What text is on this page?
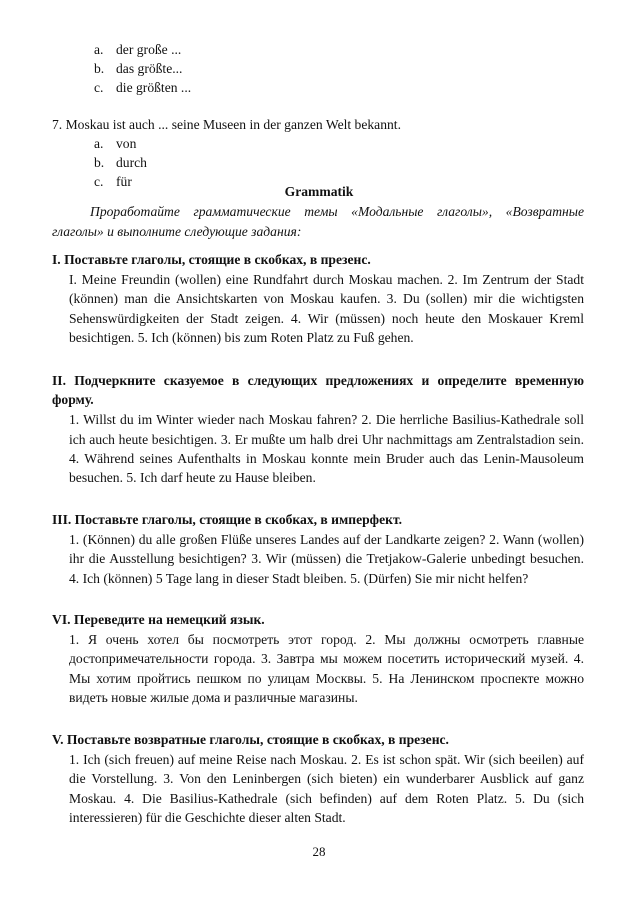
a. der große ...
b. das größte...
c. die größten ...
7. Moskau ist auch ... seine Museen in der ganzen Welt bekannt.
a. von
b. durch
c. für
Grammatik
Проработайте грамматические темы «Модальные глаголы», «Возвратные глаголы» и выполните следующие задания:
I. Поставьте глаголы, стоящие в скобках, в презенс.
I. Meine Freundin (wollen) eine Rundfahrt durch Moskau machen. 2. Im Zentrum der Stadt (können) man die Ansichtskarten von Moskau kaufen. 3. Du (sollen) mir die wichtigsten Sehenswürdigkeiten der Stadt zeigen. 4. Wir (müssen) noch heute den Moskauer Kreml besichtigen. 5. Ich (können) bis zum Roten Platz zu Fuß gehen.
II. Подчеркните сказуемое в следующих предложениях и определите временную форму.
1. Willst du im Winter wieder nach Moskau fahren? 2. Die herrliche Basilius-Kathedrale soll ich auch heute besichtigen. 3. Er mußte um halb drei Uhr nachmittags am Zentralstadion sein. 4. Während seines Aufenthalts in Moskau konnte mein Bruder auch das Lenin-Mausoleum besuchen. 5. Ich darf heute zu Hause bleiben.
III. Поставьте глаголы, стоящие в скобках, в имперфект.
1. (Können) du alle großen Flüße unseres Landes auf der Landkarte zeigen? 2. Wann (wollen) ihr die Ausstellung besichtigen? 3. Wir (müssen) die Tretjakow-Galerie unbedingt besuchen. 4. Ich (können) 5 Tage lang in dieser Stadt bleiben. 5. (Dürfen) Sie mir nicht helfen?
VI. Переведите на немецкий язык.
1. Я очень хотел бы посмотреть этот город. 2. Мы должны осмотреть главные достопримечательности города. 3. Завтра мы можем посетить исторический музей. 4. Мы хотим пройтись пешком по улицам Москвы. 5. На Ленинском проспекте можно видеть новые жилые дома и различные магазины.
V. Поставьте возвратные глаголы, стоящие в скобках, в презенс.
1. Ich (sich freuen) auf meine Reise nach Moskau. 2. Es ist schon spät. Wir (sich beeilen) auf die Vorstellung. 3. Von den Leninbergen (sich bieten) ein wunderbarer Ausblick auf ganz Moskau. 4. Die Basilius-Kathedrale (sich befinden) auf dem Roten Platz. 5. Du (sich interessieren) für die Geschichte dieser alten Stadt.
28
